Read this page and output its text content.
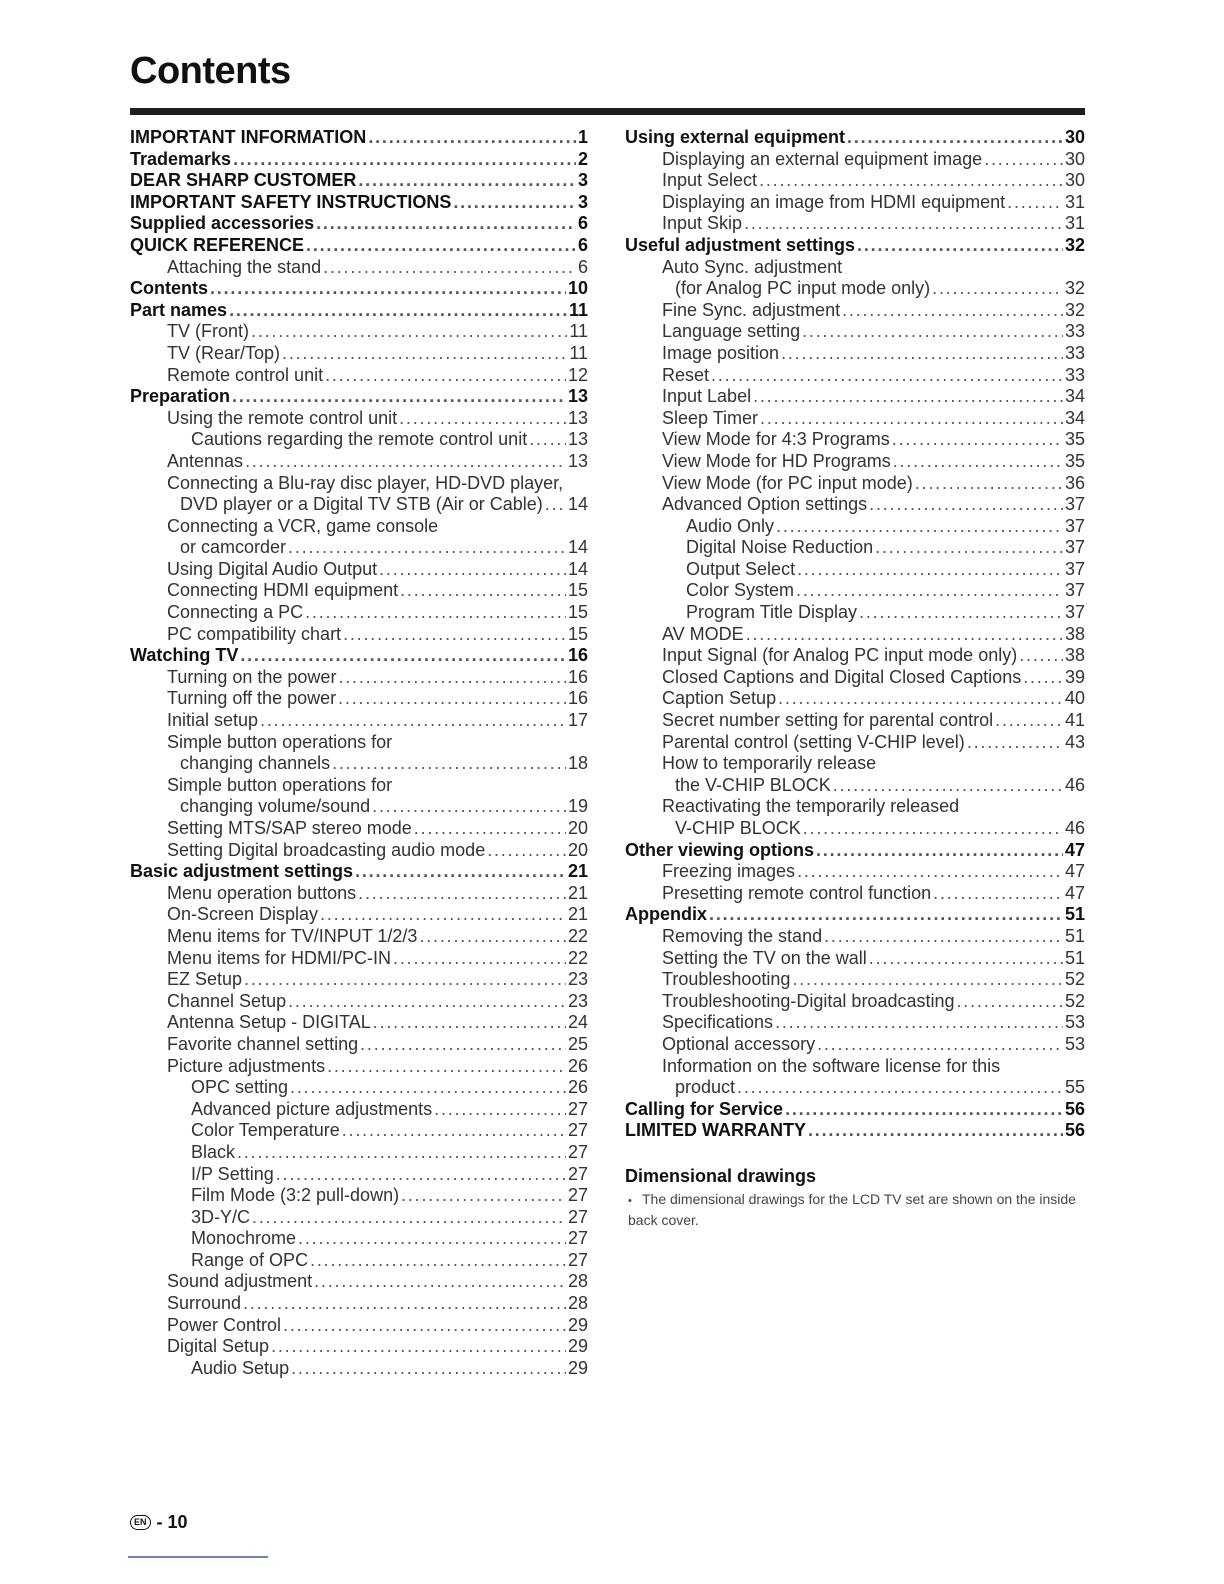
Contents
IMPORTANT INFORMATION . . .	1
Trademarks . . .	2
DEAR SHARP CUSTOMER . . .	3
IMPORTANT SAFETY INSTRUCTIONS . . .	3
Supplied accessories . . .	6
QUICK REFERENCE . . .	6
Attaching the stand . . .	6
Contents . . .	10
Part names . . .	11
TV (Front) . . .	11
TV (Rear/Top) . . .	11
Remote control unit . . .	12
Preparation . . .	13
Using the remote control unit . . .	13
Cautions regarding the remote control unit . . . 13
Antennas . . .	13
Connecting a Blu-ray disc player, HD-DVD player,
DVD player or a Digital TV STB (Air or Cable) . . . 14
Connecting a VCR, game console
or camcorder . . .	14
Using Digital Audio Output . . .	14
Connecting HDMI equipment . . .	15
Connecting a PC . . .	15
PC compatibility chart . . .	15
Watching TV . . .	16
Turning on the power . . .	16
Turning off the power . . .	16
Initial setup . . .	17
Simple button operations for
changing channels . . .	18
Simple button operations for
changing volume/sound . . .	19
Setting MTS/SAP stereo mode . . .	20
Setting Digital broadcasting audio mode . . .	20
Basic adjustment settings . . .	21
Menu operation buttons . . .	21
On-Screen Display . . .	21
Menu items for TV/INPUT 1/2/3 . . .	22
Menu items for HDMI/PC-IN . . .	22
EZ Setup . . .	23
Channel Setup . . .	23
Antenna Setup - DIGITAL . . .	24
Favorite channel setting . . .	25
Picture adjustments . . .	26
OPC setting . . .	26
Advanced picture adjustments . . .	27
Color Temperature . . .	27
Black . . .	27
I/P Setting . . .	27
Film Mode (3:2 pull-down) . . .	27
3D-Y/C . . .	27
Monochrome . . .	27
Range of OPC . . .	27
Sound adjustment . . .	28
Surround . . .	28
Power Control . . .	29
Digital Setup . . .	29
Audio Setup . . .	29
Using external equipment . . .	30
Displaying an external equipment image . . .	30
Input Select . . .	30
Displaying an image from HDMI equipment . . .	31
Input Skip . . .	31
Useful adjustment settings . . .	32
Auto Sync. adjustment
(for Analog PC input mode only) . . .	32
Fine Sync. adjustment . . .	32
Language setting . . .	33
Image position . . .	33
Reset . . .	33
Input Label . . .	34
Sleep Timer . . .	34
View Mode for 4:3 Programs . . .	35
View Mode for HD Programs . . .	35
View Mode (for PC input mode) . . .	36
Advanced Option settings . . .	37
Audio Only . . .	37
Digital Noise Reduction . . .	37
Output Select . . .	37
Color System . . .	37
Program Title Display . . .	37
AV MODE . . .	38
Input Signal (for Analog PC input mode only) . . .	38
Closed Captions and Digital Closed Captions . . . 39
Caption Setup . . .	40
Secret number setting for parental control . . .	41
Parental control (setting V-CHIP level) . . .	43
How to temporarily release
the V-CHIP BLOCK . . .	46
Reactivating the temporarily released
V-CHIP BLOCK . . .	46
Other viewing options . . .	47
Freezing images . . .	47
Presetting remote control function . . .	47
Appendix . . .	51
Removing the stand . . .	51
Setting the TV on the wall . . .	51
Troubleshooting . . .	52
Troubleshooting-Digital broadcasting . . .	52
Specifications . . .	53
Optional accessory . . .	53
Information on the software license for this
product . . .	55
Calling for Service . . .	56
LIMITED WARRANTY . . .	56
Dimensional drawings

• The dimensional drawings for the LCD TV set are shown on the inside back cover.

EN - 10
